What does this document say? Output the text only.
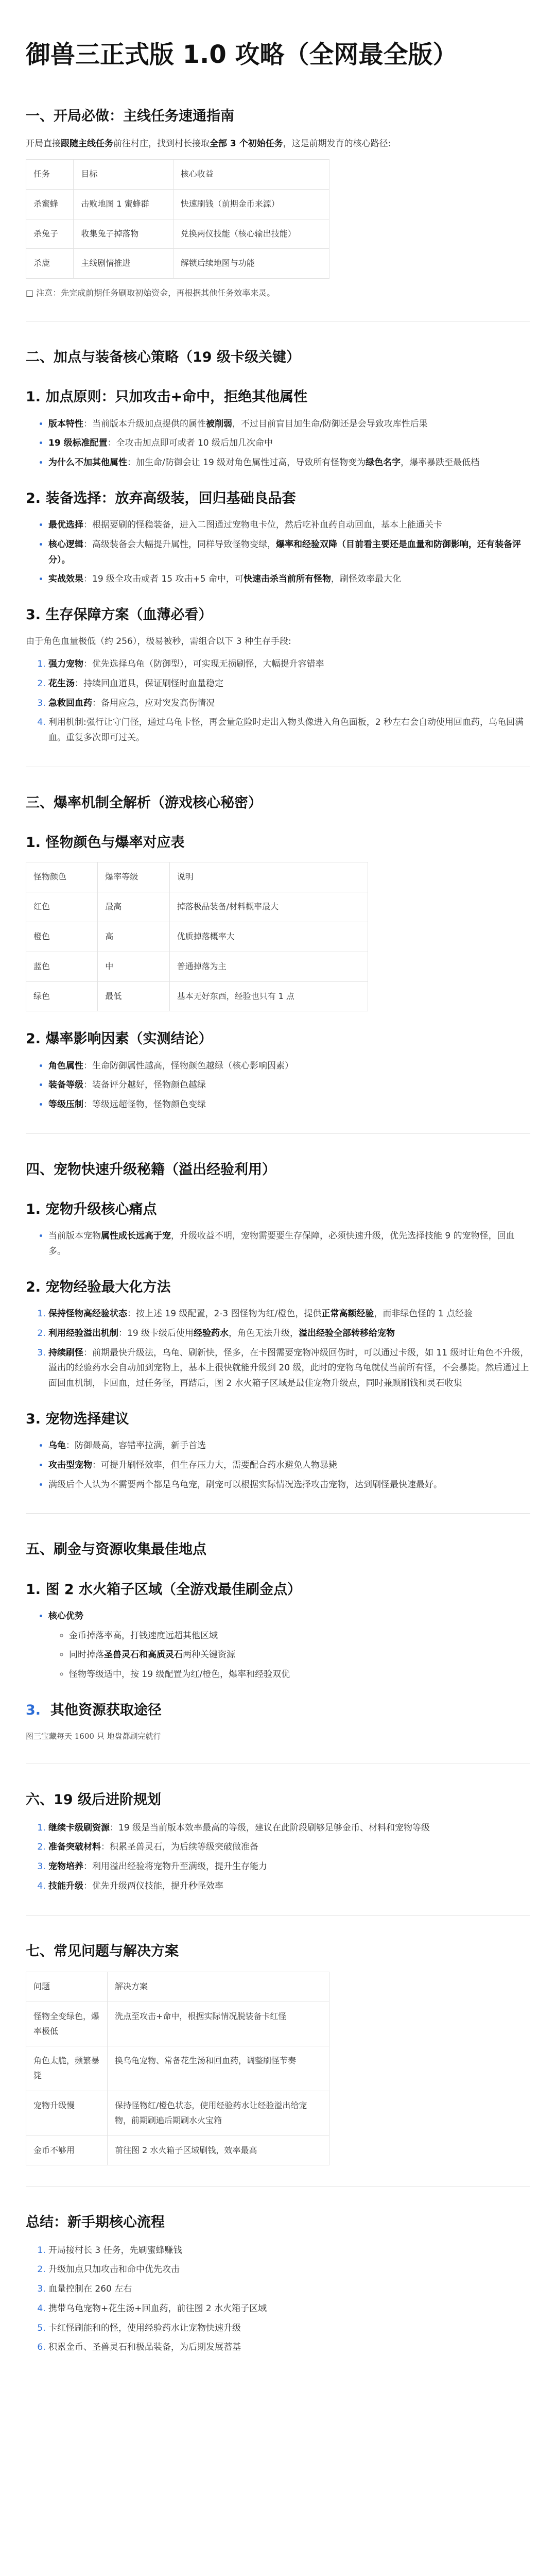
御兽三正式版 1.0 攻略（全网最全版）
一、开局必做：主线任务速通指南

开局直接跟随主线任务前往村庄，找到村长接取全部 3 个初始任务，这是前期发育的核心路径:

任务	目标	核心收益
杀蜜蜂	击败地图 1 蜜蜂群	快速刷钱（前期金币来源）
杀兔子	收集兔子掉落物	兑换两仪技能（核心输出技能）
杀鹿	主线剧情推进	解锁后续地图与功能

□ 注意：先完成前期任务刷取初始资金，再根据其他任务效率来灵。

二、加点与装备核心策略（19 级卡级关键）
1. 加点原则：只加攻击+命中，拒绝其他属性
• 版本特性：当前版本升级加点提供的属性被削弱，不过目前盲目加生命/防御还是会导致攻库性后果
• 19 级标准配置：全攻击加点即可或者 10 级后加几次命中
• 为什么不加其他属性：加生命/防御会让 19 级对角色属性过高，导致所有怪物变为绿色名字，爆率暴跌至最低档
2. 装备选择：放弃高级装，回归基础良品套
• 最优选择：根据要刷的怪稳装备，进入二图通过宠物电卡位，然后吃补血药自动回血，基本上能通关卡
• 核心逻辑：高级装备会大幅提升属性，同样导致怪物变绿，爆率和经验双降（目前看主要还是血量和防御影响，还有装备评分）。
• 实战效果：19 级全攻击或者 15 攻击+5 命中，可快速击杀当前所有怪物，刷怪效率最大化
3. 生存保障方案（血薄必看）

由于角色血量极低（约 256），极易被秒，需组合以下 3 种生存手段:

1. 强力宠物：优先选择乌龟（防御型），可实现无损刷怪，大幅提升容错率
2. 花生汤：持续回血道具，保证刷怪时血量稳定
3. 急救回血药：备用应急，应对突发高伤情况
4. 利用机制:强行让守门怪，通过乌龟卡怪，再会量危险时走出入物头像进入角色面板，2 秒左右会自动使用回血药，乌龟回满血。重复多次即可过关。
三、爆率机制全解析（游戏核心秘密）
1. 怪物颜色与爆率对应表
怪物颜色	爆率等级	说明
红色	最高	掉落极品装备/材料概率最大
橙色	高	优质掉落概率大
蓝色	中	普通掉落为主
绿色	最低	基本无好东西，经验也只有 1 点
2. 爆率影响因素（实测结论）
• 角色属性：生命防御属性越高，怪物颜色越绿（核心影响因素）
• 装备等级：装备评分越好，怪物颜色越绿
• 等级压制：等级远超怪物，怪物颜色变绿
四、宠物快速升级秘籍（溢出经验利用）
1. 宠物升级核心痛点
• 当前版本宠物属性成长远高于宠，升级收益不明，宠物需要要生存保障，必须快速升级，优先选择技能 9 的宠物怪，回血多。
2. 宠物经验最大化方法
1. 保持怪物高经验状态：按上述 19 级配置，2-3 图怪物为红/橙色，提供正常高额经验，而非绿色怪的 1 点经验
2. 利用经验溢出机制：19 级卡级后使用经验药水，角色无法升级，溢出经验全部转移给宠物
3. 持续刷怪：前期最快升级法，乌龟、刷新快，怪多，在卡图需要宠物冲级回伤时，可以通过卡级，如 11 级时让角色不升级，溢出的经验药水会自动加到宠物上，基本上很快就能升级到 20 级，此时的宠物乌龟就仗当前所有怪，不会暴毙。然后通过上面回血机制，卡回血，过任务怪，再踏后，图 2 水火箱子区域是最佳宠物升级点，同时兼顾刷钱和灵石收集
3. 宠物选择建议
• 乌龟：防御最高，容错率拉满，新手首选
• 攻击型宠物：可提升刷怪效率，但生存压力大，需要配合药水避免人物暴毙
• 满级后个人认为不需要两个都是乌龟宠，刷宠可以根据实际情况选择攻击宠物，达到刷怪最快速最好。
五、刷金与资源收集最佳地点
1. 图 2 水火箱子区域（全游戏最佳刷金点）
• 核心优势
◦ 金币掉落率高，打钱速度远超其他区域
◦ 同时掉落圣兽灵石和高质灵石两种关键资源
◦ 怪物等级适中，按 19 级配置为红/橙色，爆率和经验双优
3. 其他资源获取途径

图三宝藏每天 1600 只 地盘都刷完就行

六、19 级后进阶规划
1. 继续卡级刷资源：19 级是当前版本效率最高的等级，建议在此阶段刷够足够金币、材料和宠物等级
2. 准备突破材料：积累圣兽灵石，为后续等级突破做准备
3. 宠物培养：利用溢出经验将宠物升至满级，提升生存能力
4. 技能升级：优先升级两仪技能，提升秒怪效率
七、常见问题与解决方案
问题	解决方案
怪物全变绿色，爆率极低	洗点至攻击+命中，根据实际情况脱装备卡红怪
角色太脆，频繁暴毙	换乌龟宠物、常备花生汤和回血药，调整刷怪节奏
宠物升级慢	保持怪物红/橙色状态，使用经验药水让经验溢出给宠物，前期刷遍后期刷水火宝箱
金币不够用	前往图 2 水火箱子区域刷钱，效率最高
总结：新手期核心流程
1. 开局接村长 3 任务，先刷蜜蜂赚钱
2. 升级加点只加攻击和命中优先攻击
3. 血量控制在 260 左右
4. 携带乌龟宠物+花生汤+回血药，前往图 2 水火箱子区域
5. 卡红怪刷能和的怪，使用经验药水让宠物快速升级
6. 积累金币、圣兽灵石和极品装备，为后期发展蓄基
